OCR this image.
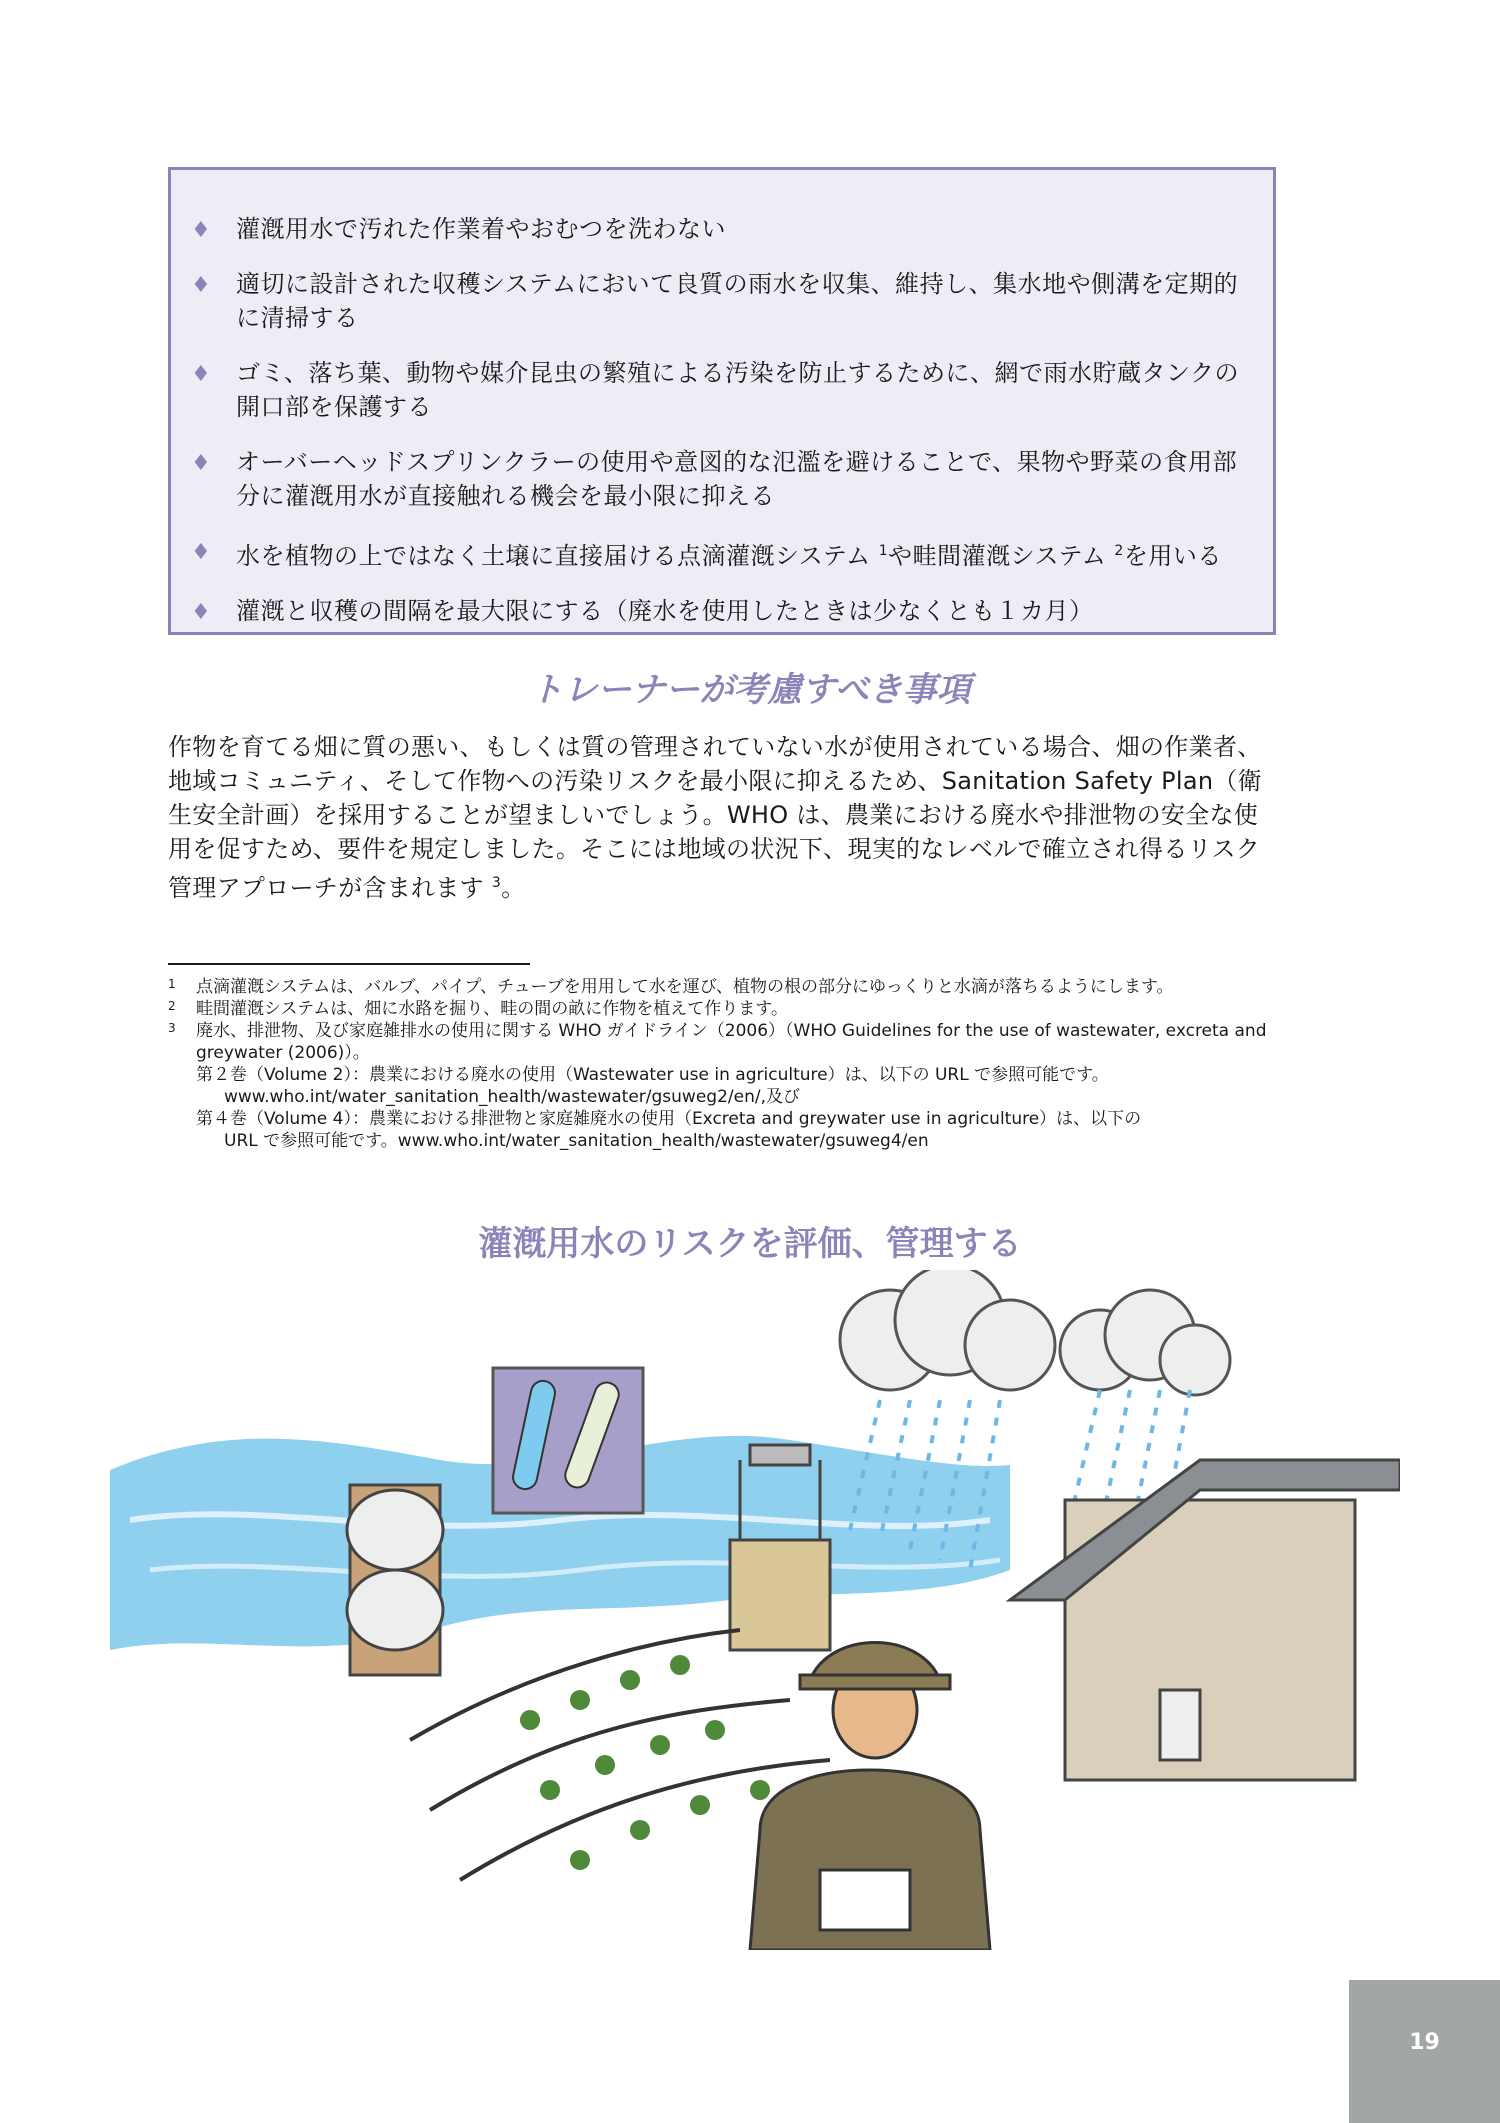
♦ 灌漑用水で汚れた作業着やおむつを洗わない
♦ 適切に設計された収穫システムにおいて良質の雨水を収集、維持し、集水地や側溝を定期的に清掃する
♦ ゴミ、落ち葉、動物や媒介昆虫の繁殖による汚染を防止するために、網で雨水貯蔵タンクの開口部を保護する
♦ オーバーヘッドスプリンクラーの使用や意図的な氾濫を避けることで、果物や野菜の食用部分に灌漑用水が直接触れる機会を最小限に抑える
♦ 水を植物の上ではなく土壌に直接届ける点滴灌漑システム $^1$や畦間灌漑システム $^2$を用いる
♦ 灌漑と収穫の間隔を最大限にする（廃水を使用したときは少なくとも１カ月）
トレーナーが考慮すべき事項

作物を育てる畑に質の悪い、もしくは質の管理されていない水が使用されている場合、畑の作業者、地域コミュニティ、そして作物への汚染リスクを最小限に抑えるため、Sanitation Safety Plan（衛生安全計画）を採用することが望ましいでしょう。WHO は、農業における廃水や排泄物の安全な使用を促すため、要件を規定しました。そこには地域の状況下、現実的なレベルで確立され得るリスク管理アプローチが含まれます $^3$。

1 点滴灌漑システムは、バルブ、パイプ、チューブを用用して水を運び、植物の根の部分にゆっくりと水滴が落ちるようにします。
2 畦間灌漑システムは、畑に水路を掘り、畦の間の畝に作物を植えて作ります。
3 廃水、排泄物、及び家庭雑排水の使用に関する WHO ガイドライン（2006）（WHO Guidelines for the use of wastewater, excreta and greywater (2006)）。
第２巻（Volume 2）：農業における廃水の使用（Wastewater use in agriculture）は、以下の URL で参照可能です。
www.who.int/water_sanitation_health/wastewater/gsuweg2/en/,及び
第４巻（Volume 4）：農業における排泄物と家庭雑廃水の使用（Excreta and greywater use in agriculture）は、以下の
URL で参照可能です。www.who.int/water_sanitation_health/wastewater/gsuweg4/en
灌漑用水のリスクを評価、管理する
19
